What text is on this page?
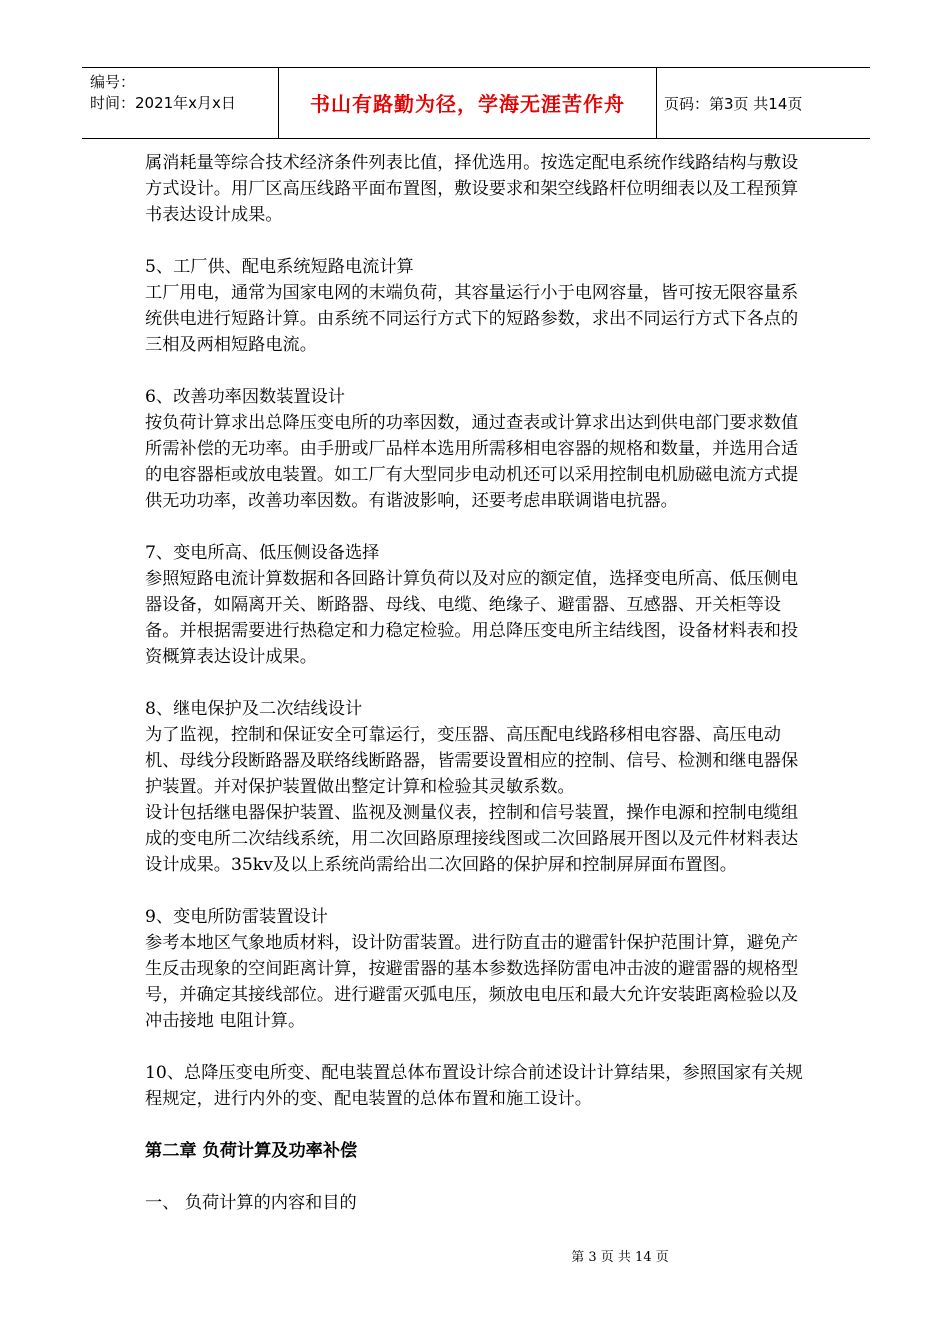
编号：
时间：2021年x月x日	书山有路勤为径，学海无涯苦作舟	页码：第3页 共14页

属消耗量等综合技术经济条件列表比值，择优选用。按选定配电系统作线路结构与敷设方式设计。用厂区高压线路平面布置图，敷设要求和架空线路杆位明细表以及工程预算书表达设计成果。

5、工厂供、配电系统短路电流计算

工厂用电，通常为国家电网的末端负荷，其容量运行小于电网容量，皆可按无限容量系统供电进行短路计算。由系统不同运行方式下的短路参数，求出不同运行方式下各点的三相及两相短路电流。

6、改善功率因数装置设计

按负荷计算求出总降压变电所的功率因数，通过查表或计算求出达到供电部门要求数值所需补偿的无功率。由手册或厂品样本选用所需移相电容器的规格和数量，并选用合适的电容器柜或放电装置。如工厂有大型同步电动机还可以采用控制电机励磁电流方式提供无功功率，改善功率因数。有谐波影响，还要考虑串联调谐电抗器。

7、变电所高、低压侧设备选择

参照短路电流计算数据和各回路计算负荷以及对应的额定值，选择变电所高、低压侧电器设备，如隔离开关、断路器、母线、电缆、绝缘子、避雷器、互感器、开关柜等设备。并根据需要进行热稳定和力稳定检验。用总降压变电所主结线图，设备材料表和投资概算表达设计成果。

8、继电保护及二次结线设计

为了监视，控制和保证安全可靠运行，变压器、高压配电线路移相电容器、高压电动机、母线分段断路器及联络线断路器，皆需要设置相应的控制、信号、检测和继电器保护装置。并对保护装置做出整定计算和检验其灵敏系数。

设计包括继电器保护装置、监视及测量仪表，控制和信号装置，操作电源和控制电缆组成的变电所二次结线系统，用二次回路原理接线图或二次回路展开图以及元件材料表达设计成果。35kv及以上系统尚需给出二次回路的保护屏和控制屏屏面布置图。

9、变电所防雷装置设计

参考本地区气象地质材料，设计防雷装置。进行防直击的避雷针保护范围计算，避免产生反击现象的空间距离计算，按避雷器的基本参数选择防雷电冲击波的避雷器的规格型号，并确定其接线部位。进行避雷灭弧电压，频放电电压和最大允许安装距离检验以及冲击接地 电阻计算。

10、总降压变电所变、配电装置总体布置设计综合前述设计计算结果，参照国家有关规程规定，进行内外的变、配电装置的总体布置和施工设计。

第二章 负荷计算及功率补偿

一、 负荷计算的内容和目的

第 3 页 共 14 页
